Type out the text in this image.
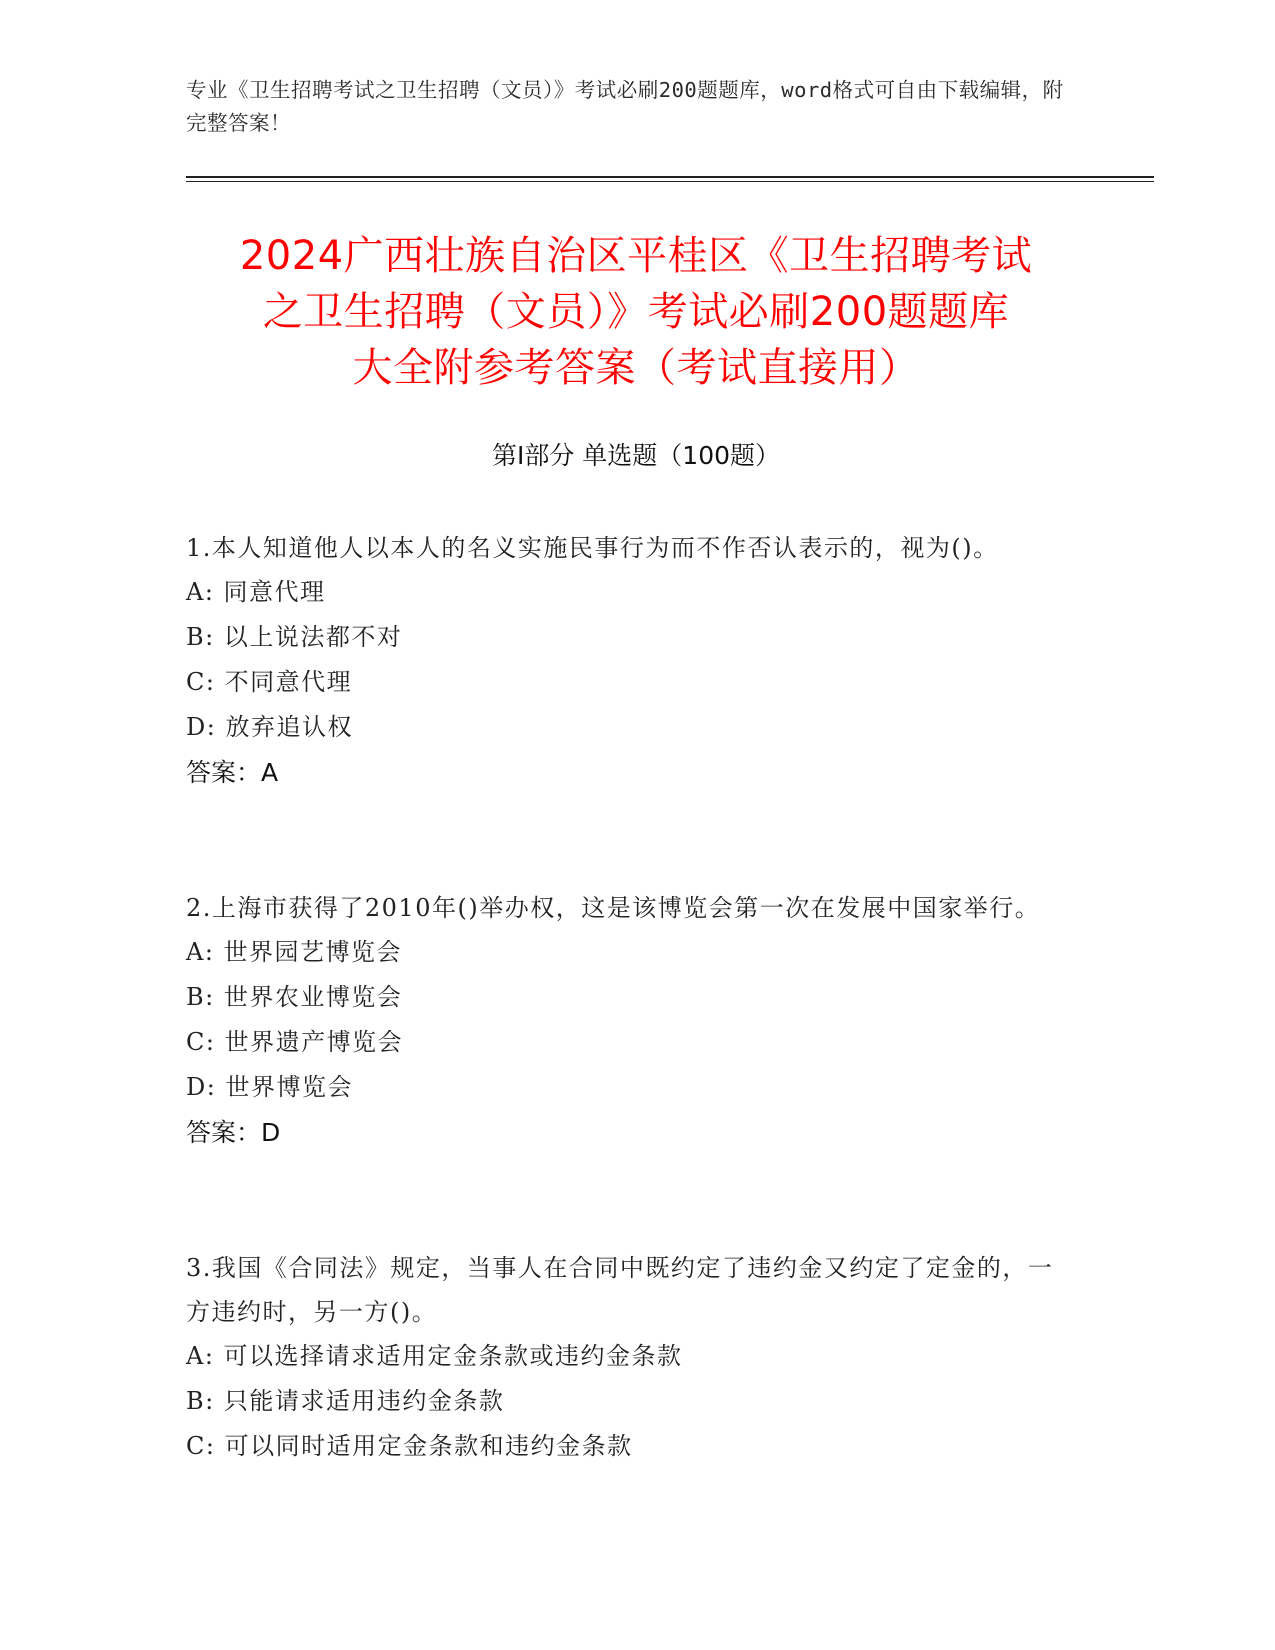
专业《卫生招聘考试之卫生招聘（文员）》考试必刷200题题库，word格式可自由下载编辑，附完整答案！
2024广西壮族自治区平桂区《卫生招聘考试
之卫生招聘（文员）》考试必刷200题题库
大全附参考答案（考试直接用）
第Ⅰ部分 单选题（100题）
1.本人知道他人以本人的名义实施民事行为而不作否认表示的，视为()。
A: 同意代理
B: 以上说法都不对
C: 不同意代理
D: 放弃追认权
答案：A
2.上海市获得了2010年()举办权，这是该博览会第一次在发展中国家举行。
A: 世界园艺博览会
B: 世界农业博览会
C: 世界遗产博览会
D: 世界博览会
答案：D
3.我国《合同法》规定，当事人在合同中既约定了违约金又约定了定金的，一方违约时，另一方()。
A: 可以选择请求适用定金条款或违约金条款
B: 只能请求适用违约金条款
C: 可以同时适用定金条款和违约金条款
